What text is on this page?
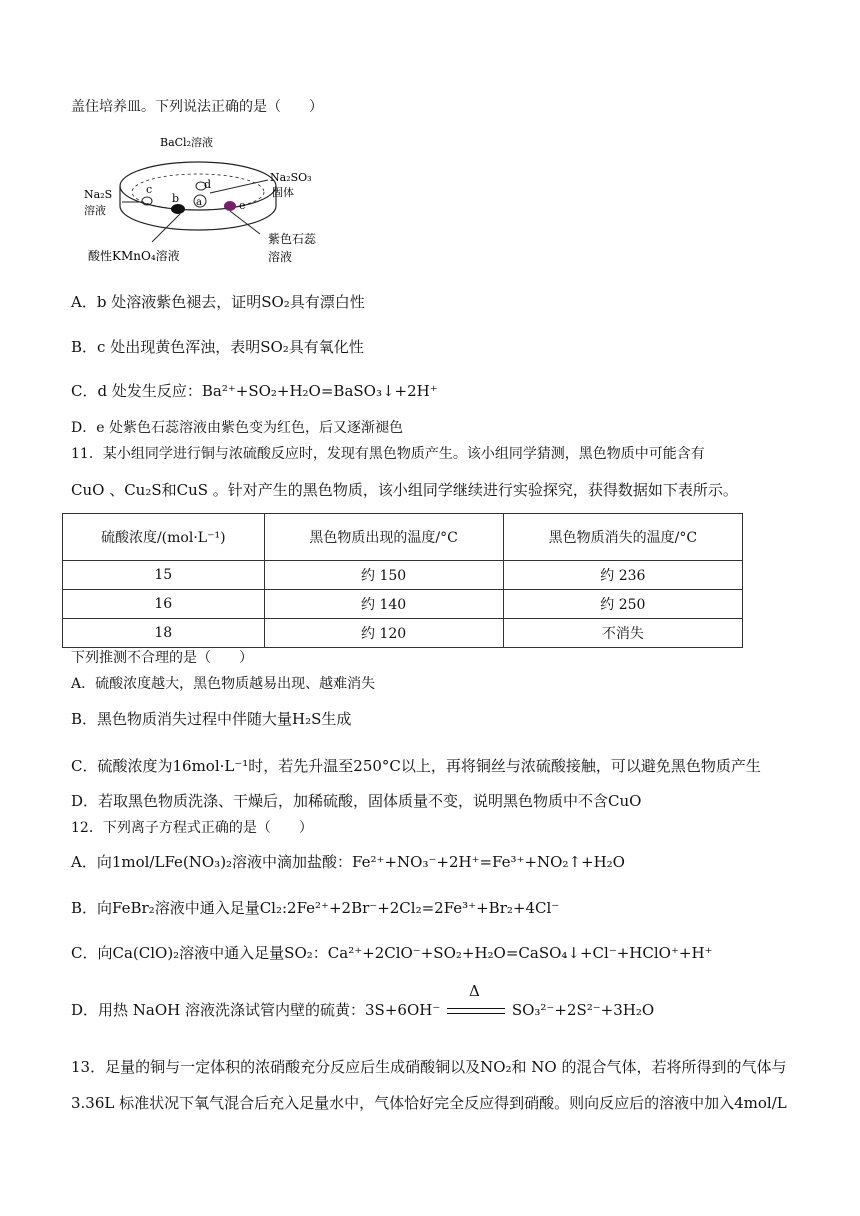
盖住培养皿。下列说法正确的是（　　）
a
b
c	d
e
BaCl₂溶液
Na₂SO₃
固体
Na₂S
溶液
酸性KMnO₄溶液
紫色石蕊
溶液
A．b 处溶液紫色褪去，证明SO₂具有漂白性
B．c 处出现黄色浑浊，表明SO₂具有氧化性
C．d 处发生反应：Ba²⁺+SO₂+H₂O=BaSO₃↓+2H⁺
D．e 处紫色石蕊溶液由紫色变为红色，后又逐渐褪色
11．某小组同学进行铜与浓硫酸反应时，发现有黑色物质产生。该小组同学猜测，黑色物质中可能含有
CuO 、Cu₂S和CuS 。针对产生的黑色物质，该小组同学继续进行实验探究，获得数据如下表所示。
硫酸浓度/(mol·L⁻¹)	黑色物质出现的温度/°C	黑色物质消失的温度/°C
15	约 150	约 236
16	约 140	约 250
18	约 120	不消失
下列推测不合理的是（　　）
A．硫酸浓度越大，黑色物质越易出现、越难消失
B．黑色物质消失过程中伴随大量H₂S生成
C．硫酸浓度为16mol·L⁻¹时，若先升温至250°C以上，再将铜丝与浓硫酸接触，可以避免黑色物质产生
D．若取黑色物质洗涤、干燥后，加稀硫酸，固体质量不变，说明黑色物质中不含CuO
12．下列离子方程式正确的是（　　）
A．向1mol/LFe(NO₃)₂溶液中滴加盐酸：Fe²⁺+NO₃⁻+2H⁺=Fe³⁺+NO₂↑+H₂O
B．向FeBr₂溶液中通入足量Cl₂:2Fe²⁺+2Br⁻+2Cl₂=2Fe³⁺+Br₂+4Cl⁻
C．向Ca(ClO)₂溶液中通入足量SO₂：Ca²⁺+2ClO⁻+SO₂+H₂O=CaSO₄↓+Cl⁻+HClO⁺+H⁺
D．用热 NaOH 溶液洗涤试管内壁的硫黄：3S+6OH⁻
Δ
SO₃²⁻+2S²⁻+3H₂O
13．足量的铜与一定体积的浓硝酸充分反应后生成硝酸铜以及NO₂和 NO 的混合气体，若将所得到的气体与
3.36L 标准状况下氧气混合后充入足量水中，气体恰好完全反应得到硝酸。则向反应后的溶液中加入4mol/L
